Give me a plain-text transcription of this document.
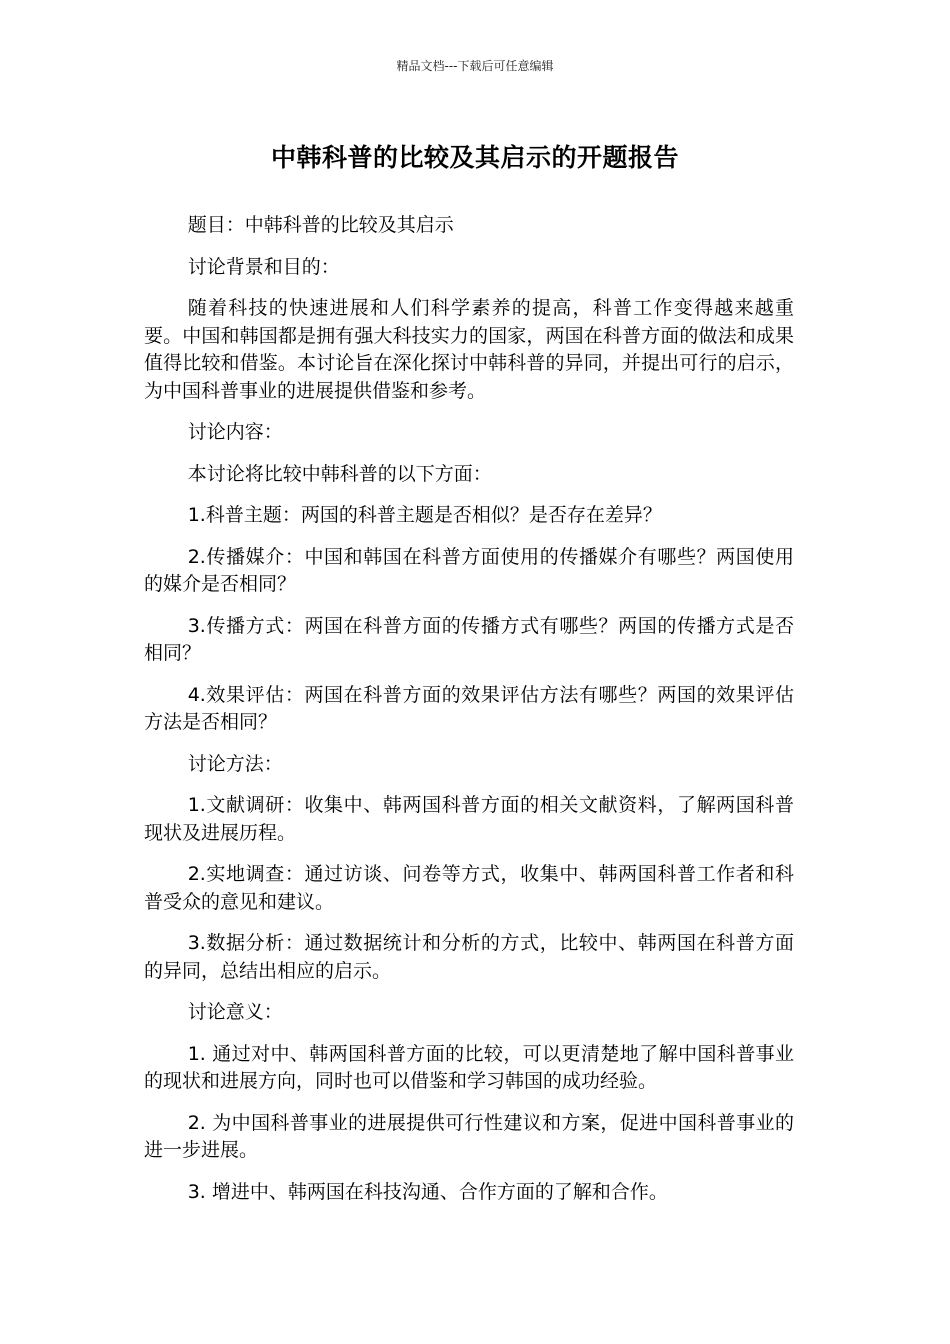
精品文档---下载后可任意编辑
中韩科普的比较及其启示的开题报告

题目：中韩科普的比较及其启示

讨论背景和目的：

随着科技的快速进展和人们科学素养的提高，科普工作变得越来越重要。中国和韩国都是拥有强大科技实力的国家，两国在科普方面的做法和成果值得比较和借鉴。本讨论旨在深化探讨中韩科普的异同，并提出可行的启示，为中国科普事业的进展提供借鉴和参考。

讨论内容：

本讨论将比较中韩科普的以下方面：

1.科普主题：两国的科普主题是否相似？是否存在差异？

2.传播媒介：中国和韩国在科普方面使用的传播媒介有哪些？两国使用的媒介是否相同？

3.传播方式：两国在科普方面的传播方式有哪些？两国的传播方式是否相同？

4.效果评估：两国在科普方面的效果评估方法有哪些？两国的效果评估方法是否相同？

讨论方法：

1.文献调研：收集中、韩两国科普方面的相关文献资料，了解两国科普现状及进展历程。

2.实地调查：通过访谈、问卷等方式，收集中、韩两国科普工作者和科普受众的意见和建议。

3.数据分析：通过数据统计和分析的方式，比较中、韩两国在科普方面的异同，总结出相应的启示。

讨论意义：

1. 通过对中、韩两国科普方面的比较，可以更清楚地了解中国科普事业的现状和进展方向，同时也可以借鉴和学习韩国的成功经验。

2. 为中国科普事业的进展提供可行性建议和方案，促进中国科普事业的进一步进展。

3. 增进中、韩两国在科技沟通、合作方面的了解和合作。
